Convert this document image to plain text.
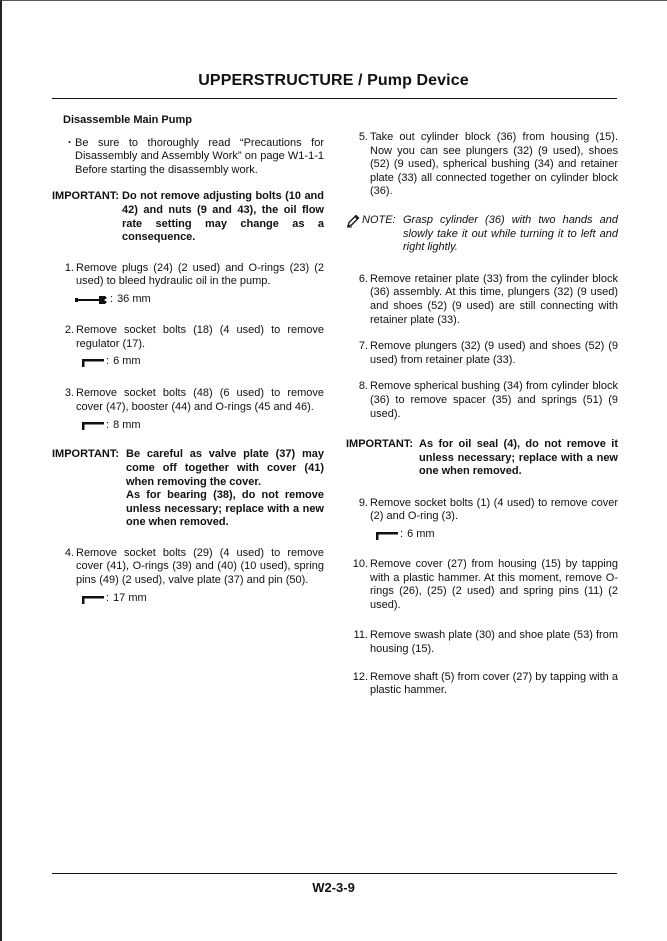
UPPERSTRUCTURE / Pump Device
Disassemble Main Pump
・ Be sure to thoroughly read “Precautions for Disassembly and Assembly Work” on page W1-1-1 Before starting the disassembly work.
IMPORTANT: Do not remove adjusting bolts (10 and 42) and nuts (9 and 43), the oil flow rate setting may change as a consequence.
1. Remove plugs (24) (2 used) and O-rings (23) (2 used) to bleed hydraulic oil in the pump.
: 36 mm
2. Remove socket bolts (18) (4 used) to remove regulator (17).
: 6 mm
3. Remove socket bolts (48) (6 used) to remove cover (47), booster (44) and O-rings (45 and 46).
: 8 mm
IMPORTANT: Be careful as valve plate (37) may come off together with cover (41) when removing the cover.
As for bearing (38), do not remove unless necessary; replace with a new one when removed.
4. Remove socket bolts (29) (4 used) to remove cover (41), O-rings (39) and (40) (10 used), spring pins (49) (2 used), valve plate (37) and pin (50).
: 17 mm
5. Take out cylinder block (36) from housing (15). Now you can see plungers (32) (9 used), shoes (52) (9 used), spherical bushing (34) and retainer plate (33) all connected together on cylinder block (36).
NOTE: Grasp cylinder (36) with two hands and slowly take it out while turning it to left and right lightly.
6. Remove retainer plate (33) from the cylinder block (36) assembly. At this time, plungers (32) (9 used) and shoes (52) (9 used) are still connecting with retainer plate (33).
7. Remove plungers (32) (9 used) and shoes (52) (9 used) from retainer plate (33).
8. Remove spherical bushing (34) from cylinder block (36) to remove spacer (35) and springs (51) (9 used).
IMPORTANT: As for oil seal (4), do not remove it unless necessary; replace with a new one when removed.
9. Remove socket bolts (1) (4 used) to remove cover (2) and O-ring (3).
: 6 mm
10. Remove cover (27) from housing (15) by tapping with a plastic hammer. At this moment, remove O-rings (26), (25) (2 used) and spring pins (11) (2 used).
11. Remove swash plate (30) and shoe plate (53) from housing (15).
12. Remove shaft (5) from cover (27) by tapping with a plastic hammer.
W2-3-9
